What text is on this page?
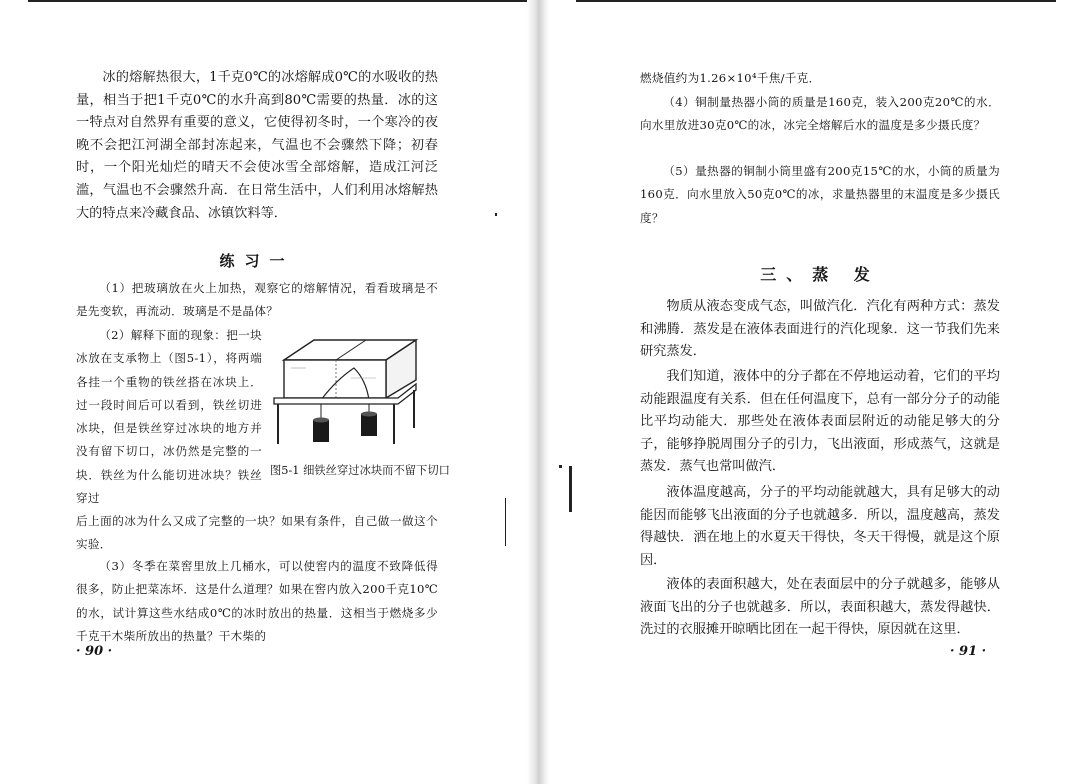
冰的熔解热很大，1千克0℃的冰熔解成0℃的水吸收的热量，相当于把1千克0℃的水升高到80℃需要的热量．冰的这一特点对自然界有重要的意义，它使得初冬时，一个寒冷的夜晚不会把江河湖全部封冻起来，气温也不会骤然下降；初春时，一个阳光灿烂的晴天不会使冰雪全部熔解，造成江河泛滥，气温也不会骤然升高．在日常生活中，人们利用冰熔解热大的特点来冷藏食品、冰镇饮料等．

练习一

（1）把玻璃放在火上加热，观察它的熔解情况，看看玻璃是不是先变软，再流动．玻璃是不是晶体？

（2）解释下面的现象：把一块冰放在支承物上（图5-1），将两端各挂一个重物的铁丝搭在冰块上．过一段时间后可以看到，铁丝切进冰块，但是铁丝穿过冰块的地方并没有留下切口，冰仍然是完整的一块．铁丝为什么能切进冰块？铁丝穿过

图5-1 细铁丝穿过冰块而不留下切口

后上面的冰为什么又成了完整的一块？如果有条件，自己做一做这个实验．

（3）冬季在菜窖里放上几桶水，可以使窖内的温度不致降低得很多，防止把菜冻坏．这是什么道理？如果在窖内放入200千克10℃的水，试计算这些水结成0℃的冰时放出的热量．这相当于燃烧多少千克干木柴所放出的热量？干木柴的

· 90 ·

燃烧值约为1.26×10⁴千焦/千克．

（4）铜制量热器小筒的质量是160克，装入200克20℃的水．向水里放进30克0℃的冰，冰完全熔解后水的温度是多少摄氏度？

（5）量热器的铜制小筒里盛有200克15℃的水，小筒的质量为160克．向水里放入50克0℃的冰，求量热器里的末温度是多少摄氏度？

三、蒸 发

物质从液态变成气态，叫做汽化．汽化有两种方式：蒸发和沸腾．蒸发是在液体表面进行的汽化现象．这一节我们先来研究蒸发．

我们知道，液体中的分子都在不停地运动着，它们的平均动能跟温度有关系．但在任何温度下，总有一部分分子的动能比平均动能大．那些处在液体表面层附近的动能足够大的分子，能够挣脱周围分子的引力，飞出液面，形成蒸气，这就是蒸发．蒸气也常叫做汽．

液体温度越高，分子的平均动能就越大，具有足够大的动能因而能够飞出液面的分子也就越多．所以，温度越高，蒸发得越快．洒在地上的水夏天干得快，冬天干得慢，就是这个原因．

液体的表面积越大，处在表面层中的分子就越多，能够从液面飞出的分子也就越多．所以，表面积越大，蒸发得越快．洗过的衣服摊开晾晒比团在一起干得快，原因就在这里．

· 91 ·
